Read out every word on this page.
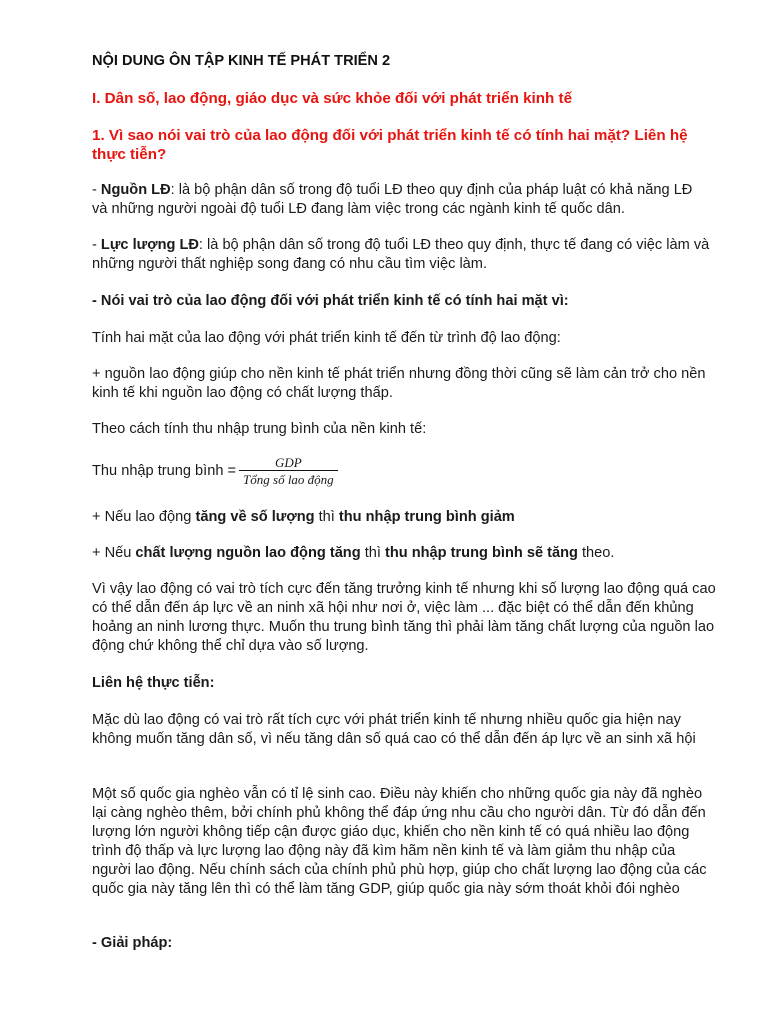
NỘI DUNG ÔN TẬP KINH TẾ PHÁT TRIỂN 2

I. Dân số, lao động, giáo dục và sức khỏe đối với phát triển kinh tế

1. Vì sao nói vai trò của lao động đối với phát triển kinh tế có tính hai mặt? Liên hệ thực tiễn?

- Nguồn LĐ: là bộ phận dân số trong độ tuổi LĐ theo quy định của pháp luật có khả năng LĐ và những người ngoài độ tuổi LĐ đang làm việc trong các ngành kinh tế quốc dân.

- Lực lượng LĐ: là bộ phận dân số trong độ tuổi LĐ theo quy định, thực tế đang có việc làm và những người thất nghiệp song đang có nhu cầu tìm việc làm.

- Nói vai trò của lao động đối với phát triển kinh tế có tính hai mặt vì:

Tính hai mặt của lao động với phát triển kinh tế đến từ trình độ lao động:

+ nguồn lao động giúp cho nền kinh tế phát triển nhưng đồng thời cũng sẽ làm cản trở cho nền kinh tế khi nguồn lao động có chất lượng thấp.

Theo cách tính thu nhập trung bình của nền kinh tế:

Thu nhập trung bình = $\frac{\text{GDP}}{\text{Tổng số lao động}}$

+ Nếu lao động tăng về số lượng thì thu nhập trung bình giảm

+ Nếu chất lượng nguồn lao động tăng thì thu nhập trung bình sẽ tăng theo.

Vì vậy lao động có vai trò tích cực đến tăng trưởng kinh tế nhưng khi số lượng lao động quá cao có thể dẫn đến áp lực về an ninh xã hội như nơi ở, việc làm ... đặc biệt có thể dẫn đến khủng hoảng an ninh lương thực. Muốn thu trung bình tăng thì phải làm tăng chất lượng của nguồn lao động chứ không thể chỉ dựa vào số lượng.

Liên hệ thực tiễn:

Mặc dù lao động có vai trò rất tích cực với phát triển kinh tế nhưng nhiều quốc gia hiện nay không muốn tăng dân số, vì nếu tăng dân số quá cao có thể dẫn đến áp lực về an sinh xã hội

Một số quốc gia nghèo vẫn có tỉ lệ sinh cao. Điều này khiến cho những quốc gia này đã nghèo lại càng nghèo thêm, bởi chính phủ không thể đáp ứng nhu cầu cho người dân. Từ đó dẫn đến lượng lớn người không tiếp cận được giáo dục, khiến cho nền kinh tế có quá nhiều lao động trình độ thấp và lực lượng lao động này đã kìm hãm nền kinh tế và làm giảm thu nhập của người lao động. Nếu chính sách của chính phủ phù hợp, giúp cho chất lượng lao động của các quốc gia này tăng lên thì có thể làm tăng GDP, giúp quốc gia này sớm thoát khỏi đói nghèo

- Giải pháp:
